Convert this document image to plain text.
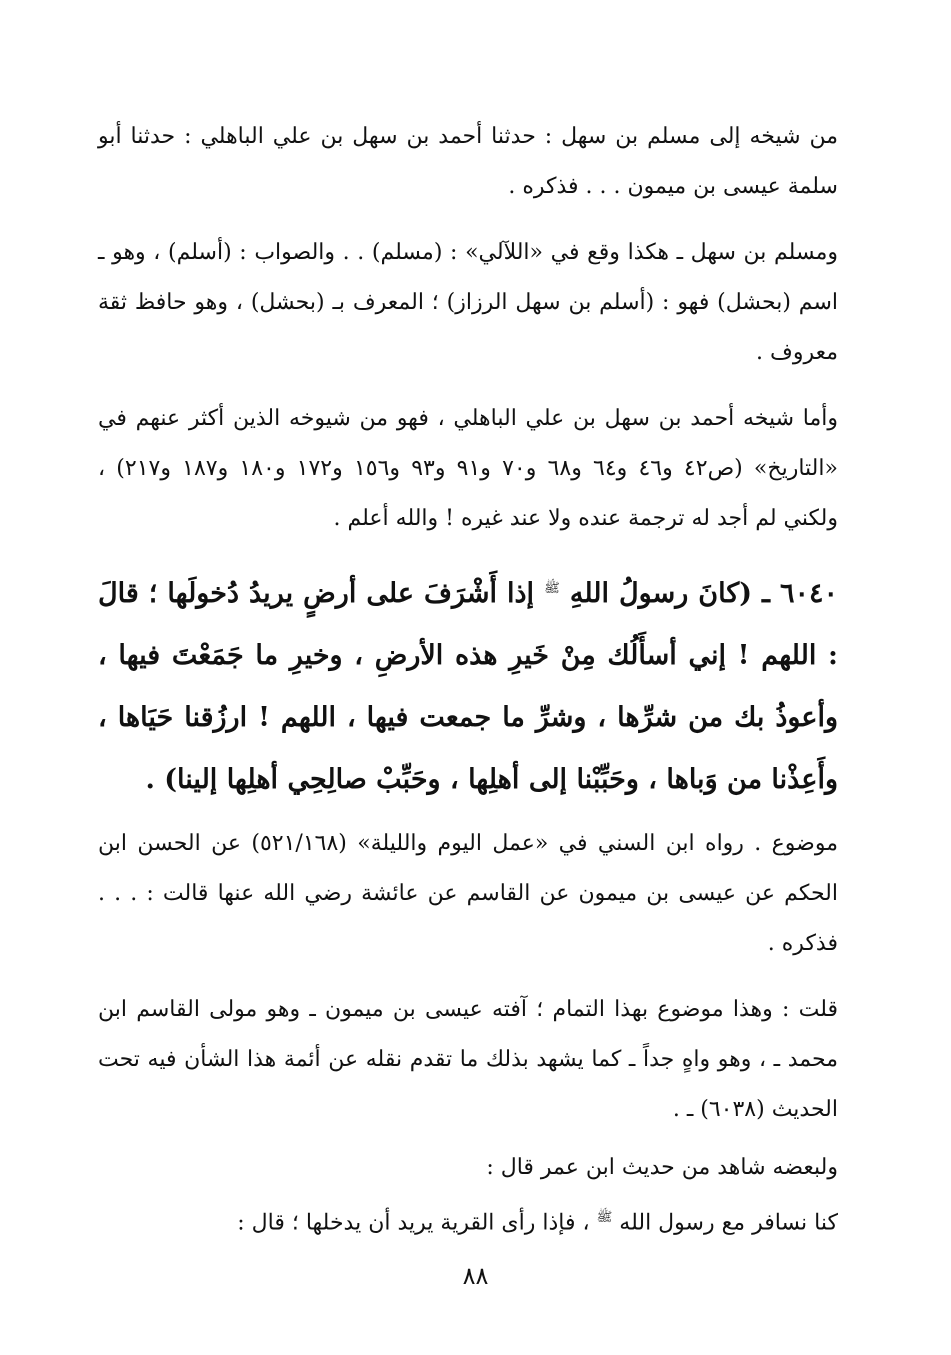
من شيخه إلى مسلم بن سهل : حدثنا أحمد بن سهل بن علي الباهلي : حدثنا أبو سلمة عيسى بن ميمون . . . فذكره .

ومسلم بن سهل ـ هكذا وقع في «اللآلي» : (مسلم) . . والصواب : (أسلم) ، وهو ـ اسم (بحشل) فهو : (أسلم بن سهل الرزاز) ؛ المعرف بـ (بحشل) ، وهو حافظ ثقة معروف .

وأما شيخه أحمد بن سهل بن علي الباهلي ، فهو من شيوخه الذين أكثر عنهم في «التاريخ» (ص٤٢ و٤٦ و٦٤ و٦٨ و٧٠ و٩١ و٩٣ و١٥٦ و١٧٢ و١٨٠ و١٨٧ و٢١٧) ، ولكني لم أجد له ترجمة عنده ولا عند غيره ! والله أعلم .

٦٠٤٠ ـ (كانَ رسولُ اللهِ $^ﷺ$ إذا أَشْرَفَ على أرضٍ يريدُ دُخولَها ؛ قالَ : اللهم ! إني أسأَلُك مِنْ خَيرِ هذه الأرضِ ، وخيرِ ما جَمَعْتَ فيها ، وأعوذُ بك من شرِّها ، وشرِّ ما جمعت فيها ، اللهم ! ارزُقنا حَيَاها ، وأَعِذْنا من وَباها ، وحَبِّبْنا إلى أهلِها ، وحَبِّبْ صالِحِي أهلِها إلينا) .

موضوع . رواه ابن السني في «عمل اليوم والليلة» (٥٢١/١٦٨) عن الحسن ابن الحكم عن عيسى بن ميمون عن القاسم عن عائشة رضي الله عنها قالت : . . . فذكره .

قلت : وهذا موضوع بهذا التمام ؛ آفته عيسى بن ميمون ـ وهو مولى القاسم ابن محمد ـ ، وهو واهٍ جداً ـ كما يشهد بذلك ما تقدم نقله عن أئمة هذا الشأن فيه تحت الحديث (٦٠٣٨) ـ .

ولبعضه شاهد من حديث ابن عمر قال :

كنا نسافر مع رسول الله $^ﷺ$ ، فإذا رأى القرية يريد أن يدخلها ؛ قال :

٨٨
